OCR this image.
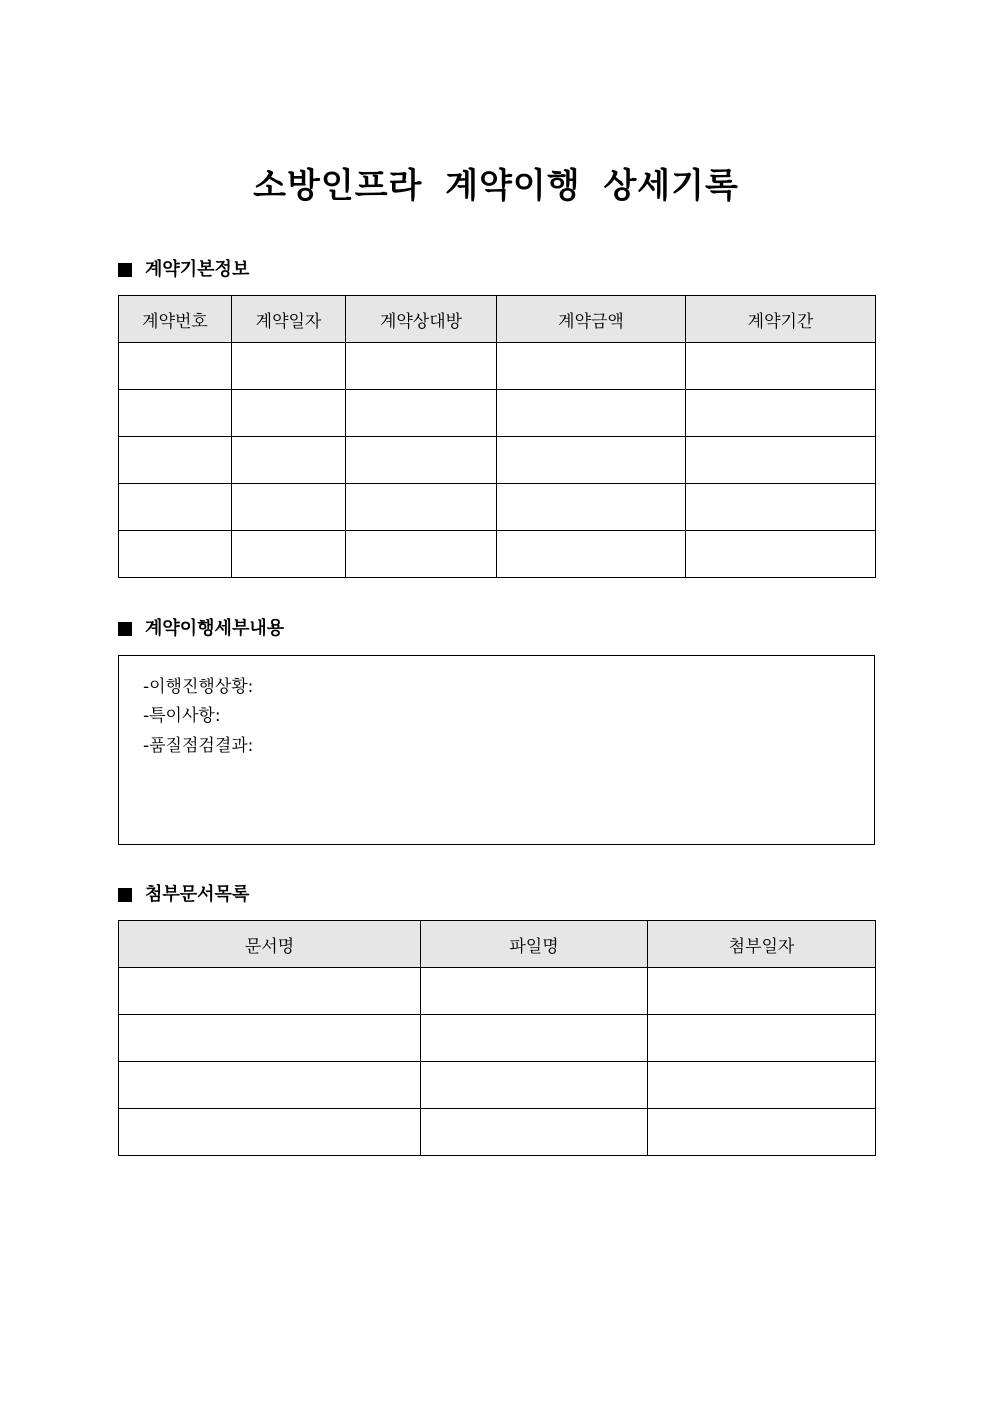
소방인프라 계약이행 상세기록
계약기본정보
계약번호	계약일자	계약상대방	계약금액	계약기간

계약이행세부내용
-이행진행상황:
-특이사항:
-품질점검결과:
첨부문서목록
문서명	파일명	첨부일자
